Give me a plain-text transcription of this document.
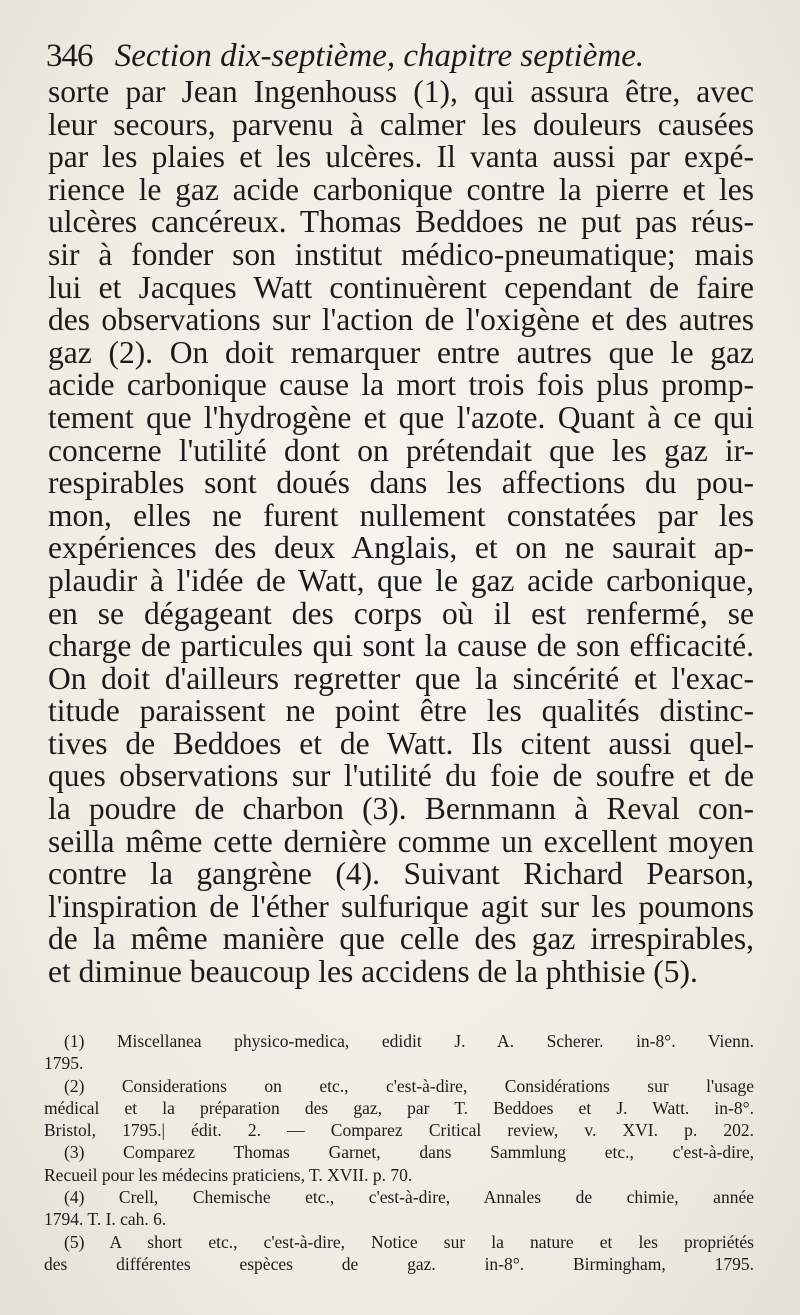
346 Section dix-septième, chapitre septième.
sorte par Jean Ingenhouss (1), qui assura être, avec
leur secours, parvenu à calmer les douleurs causées
par les plaies et les ulcères. Il vanta aussi par expé-
rience le gaz acide carbonique contre la pierre et les
ulcères cancéreux. Thomas Beddoes ne put pas réus-
sir à fonder son institut médico-pneumatique; mais
lui et Jacques Watt continuèrent cependant de faire
des observations sur l'action de l'oxigène et des autres
gaz (2). On doit remarquer entre autres que le gaz
acide carbonique cause la mort trois fois plus promp-
tement que l'hydrogène et que l'azote. Quant à ce qui
concerne l'utilité dont on prétendait que les gaz ir-
respirables sont doués dans les affections du pou-
mon, elles ne furent nullement constatées par les
expériences des deux Anglais, et on ne saurait ap-
plaudir à l'idée de Watt, que le gaz acide carbonique,
en se dégageant des corps où il est renfermé, se
charge de particules qui sont la cause de son efficacité.
On doit d'ailleurs regretter que la sincérité et l'exac-
titude paraissent ne point être les qualités distinc-
tives de Beddoes et de Watt. Ils citent aussi quel-
ques observations sur l'utilité du foie de soufre et de
la poudre de charbon (3). Bernmann à Reval con-
seilla même cette dernière comme un excellent moyen
contre la gangrène (4). Suivant Richard Pearson,
l'inspiration de l'éther sulfurique agit sur les poumons
de la même manière que celle des gaz irrespirables,
et diminue beaucoup les accidens de la phthisie (5).
(1) Miscellanea physico-medica, edidit J. A. Scherer. in-8°. Vienn.
1795.
(2) Considerations on etc., c'est-à-dire, Considérations sur l'usage
médical et la préparation des gaz, par T. Beddoes et J. Watt. in-8°.
Bristol, 1795.| édit. 2. — Comparez Critical review, v. XVI. p. 202.
(3) Comparez Thomas Garnet, dans Sammlung etc., c'est-à-dire,
Recueil pour les médecins praticiens, T. XVII. p. 70.
(4) Crell, Chemische etc., c'est-à-dire, Annales de chimie, année
1794. T. I. cah. 6.
(5) A short etc., c'est-à-dire, Notice sur la nature et les propriétés
des différentes espèces de gaz. in-8°. Birmingham, 1795.
